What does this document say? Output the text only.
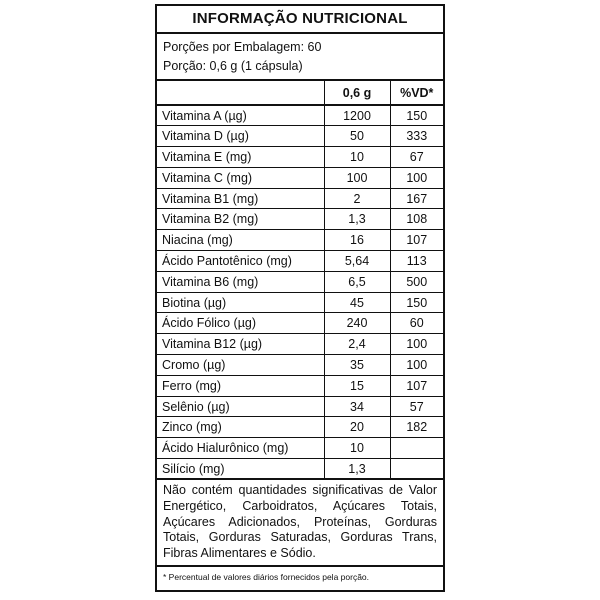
INFORMAÇÃO NUTRICIONAL
Porções por Embalagem: 60
Porção: 0,6 g (1 cápsula)
	0,6 g	%VD*
Vitamina A (µg)	1200	150
Vitamina D (µg)	50	333
Vitamina E (mg)	10	67
Vitamina C (mg)	100	100
Vitamina B1 (mg)	2	167
Vitamina B2 (mg)	1,3	108
Niacina (mg)	16	107
Ácido Pantotênico (mg)	5,64	113
Vitamina B6 (mg)	6,5	500
Biotina (µg)	45	150
Ácido Fólico (µg)	240	60
Vitamina B12 (µg)	2,4	100
Cromo (µg)	35	100
Ferro (mg)	15	107
Selênio (µg)	34	57
Zinco (mg)	20	182
Ácido Hialurônico (mg)	10	
Silício (mg)	1,3	
Não contém quantidades significativas de Valor Energético, Carboidratos, Açúcares Totais, Açúcares Adicionados, Proteínas, Gorduras Totais, Gorduras Saturadas, Gorduras Trans, Fibras Alimentares e Sódio.
* Percentual de valores diários fornecidos pela porção.
